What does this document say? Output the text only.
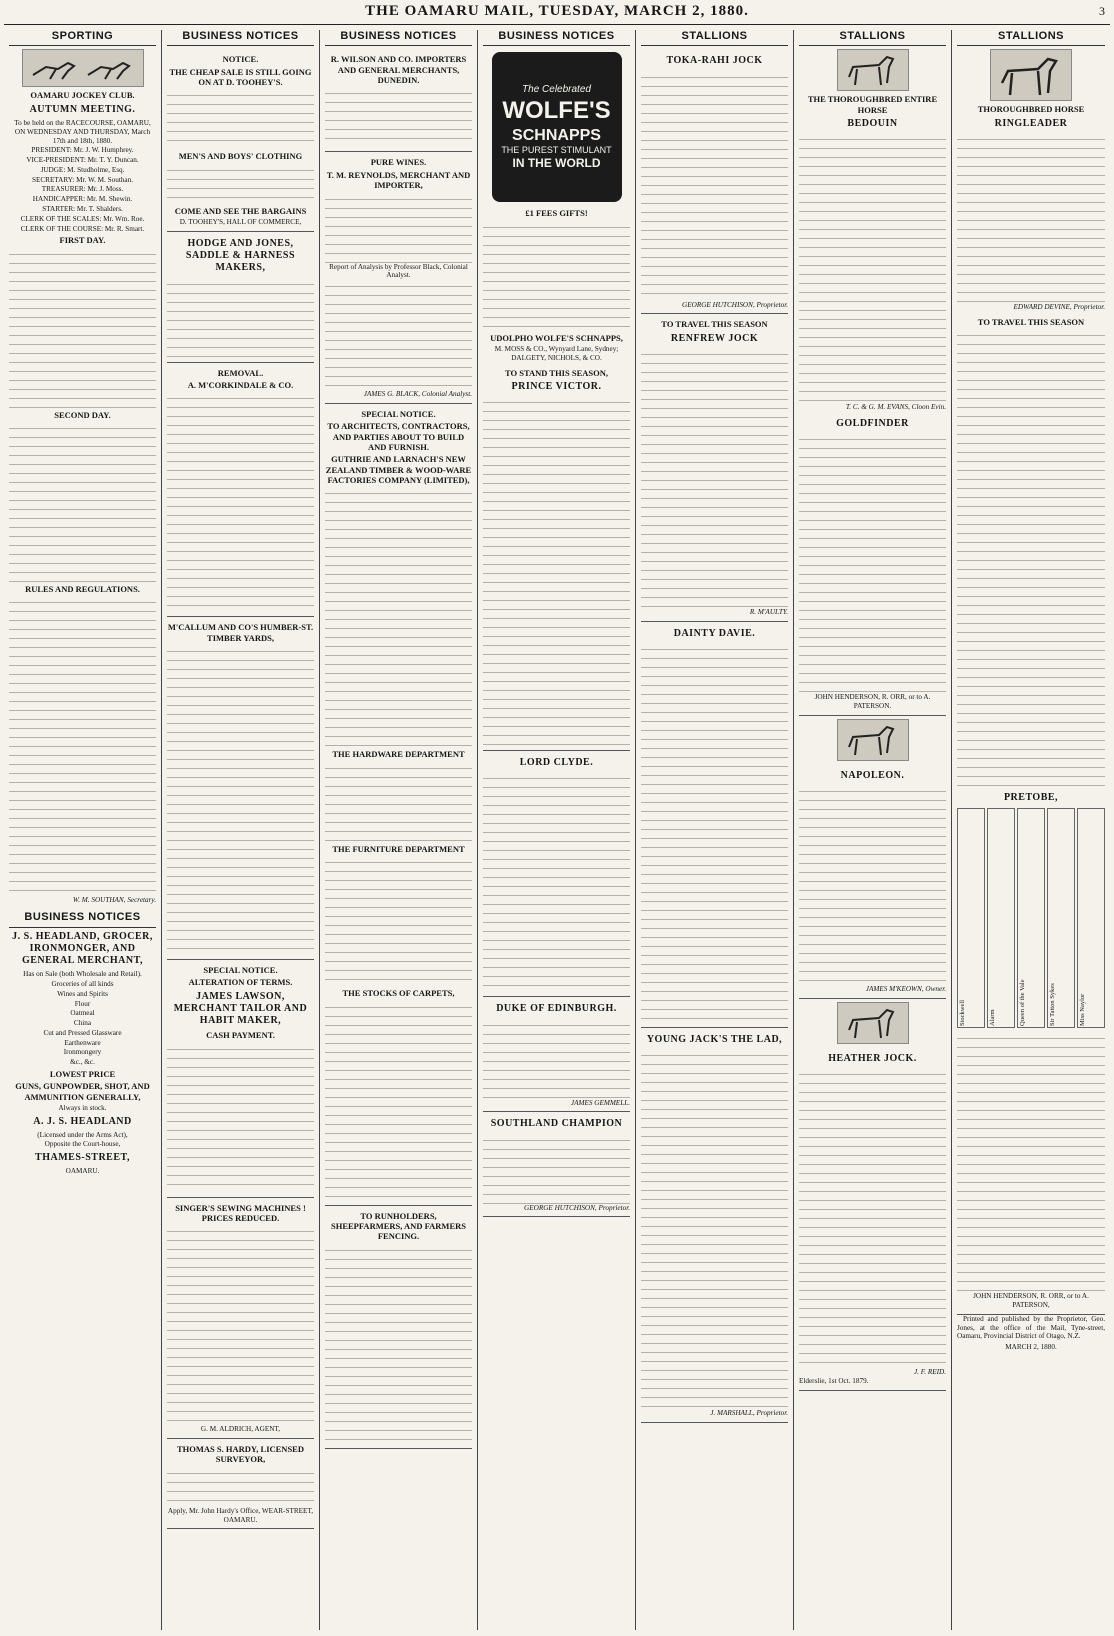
THE OAMARU MAIL, TUESDAY, MARCH 2, 1880.	3
SPORTING
OAMARU JOCKEY CLUB.
AUTUMN MEETING.
To be held on the RACECOURSE, OAMARU, ON WEDNESDAY AND THURSDAY, March 17th and 18th, 1880.
PRESIDENT: Mr. J. W. Humphrey.
VICE-PRESIDENT: Mr. T. Y. Duncan.
JUDGE: M. Studholme, Esq.
SECRETARY: Mr. W. M. Southan.
TREASURER: Mr. J. Moss.
HANDICAPPER: Mr. M. Shewin.
STARTER: Mr. T. Shalders.
CLERK OF THE SCALES: Mr. Wm. Roe.
CLERK OF THE COURSE: Mr. R. Smart.
FIRST DAY.
SECOND DAY.
RULES AND REGULATIONS.
W. M. SOUTHAN, Secretary.
BUSINESS NOTICES
J. S. HEADLAND, GROCER, IRONMONGER, AND GENERAL MERCHANT,
Has on Sale (both Wholesale and Retail).
Groceries of all kinds
Wines and Spirits
Flour
Oatmeal
China
Cut and Pressed Glassware
Earthenware
Ironmongery
&c., &c.
LOWEST PRICE
GUNS, GUNPOWDER, SHOT, AND AMMUNITION GENERALLY,
Always in stock.
A. J. S. HEADLAND
(Licensed under the Arms Act),
Opposite the Court-house,
THAMES-STREET,
OAMARU.
BUSINESS NOTICES
NOTICE.
THE CHEAP SALE IS STILL GOING ON AT D. TOOHEY'S.
MEN'S AND BOYS' CLOTHING
COME AND SEE THE BARGAINS
D. TOOHEY'S, HALL OF COMMERCE,
HODGE AND JONES, SADDLE & HARNESS MAKERS,
REMOVAL.
A. M'CORKINDALE & CO.
M'CALLUM AND CO'S HUMBER-ST. TIMBER YARDS,
SPECIAL NOTICE.
ALTERATION OF TERMS.
JAMES LAWSON, MERCHANT TAILOR AND HABIT MAKER,
CASH PAYMENT.
SINGER'S SEWING MACHINES ! PRICES REDUCED.
G. M. ALDRICH, AGENT,
THOMAS S. HARDY, LICENSED SURVEYOR,
Apply, Mr. John Hardy's Office, WEAR-STREET, OAMARU.
BUSINESS NOTICES
R. WILSON AND CO. IMPORTERS AND GENERAL MERCHANTS, DUNEDIN.
PURE WINES.
T. M. REYNOLDS, MERCHANT AND IMPORTER,
Report of Analysis by Professor Black, Colonial Analyst.
JAMES G. BLACK, Colonial Analyst.
SPECIAL NOTICE.
TO ARCHITECTS, CONTRACTORS, AND PARTIES ABOUT TO BUILD AND FURNISH.
GUTHRIE AND LARNACH'S NEW ZEALAND TIMBER & WOOD-WARE FACTORIES COMPANY (LIMITED),
THE HARDWARE DEPARTMENT
THE FURNITURE DEPARTMENT
THE STOCKS OF CARPETS,
TO RUNHOLDERS, SHEEPFARMERS, AND FARMERS FENCING.
BUSINESS NOTICES
The Celebrated
WOLFE'S
SCHNAPPS
THE PUREST STIMULANT
IN THE WORLD
£1 FEES GIFTS!
UDOLPHO WOLFE'S SCHNAPPS,
M. MOSS & CO., Wynyard Lane, Sydney;
DALGETY, NICHOLS, & CO.
TO STAND THIS SEASON,
PRINCE VICTOR.
LORD CLYDE.
DUKE OF EDINBURGH.
JAMES GEMMELL.
SOUTHLAND CHAMPION
GEORGE HUTCHISON, Proprietor.
STALLIONS
TOKA-RAHI JOCK
GEORGE HUTCHISON, Proprietor.
TO TRAVEL THIS SEASON
RENFREW JOCK
R. M'AULTY.
DAINTY DAVIE.
YOUNG JACK'S THE LAD,
J. MARSHALL, Proprietor.
STALLIONS
THE THOROUGHBRED ENTIRE HORSE
BEDOUIN
T. C. & G. M. EVANS, Cloon Evin.
GOLDFINDER
JOHN HENDERSON, R. ORR, or to A. PATERSON.
NAPOLEON.
JAMES M'KEOWN, Owner.
HEATHER JOCK.
J. F. REID.
Elderslie, 1st Oct. 1879.
STALLIONS
THOROUGHBRED HORSE
RINGLEADER
EDWARD DEVINE, Proprietor.
TO TRAVEL THIS SEASON
PRETOBE,
Stockwell	Alarm	Queen of the Vale	Sir Tatton Sykes	Miss Naylor
JOHN HENDERSON, R. ORR, or to A. PATERSON,
Printed and published by the Proprietor, Geo. Jones, at the office of the Mail, Tyne-street, Oamaru, Provincial District of Otago, N.Z.
MARCH 2, 1880.
